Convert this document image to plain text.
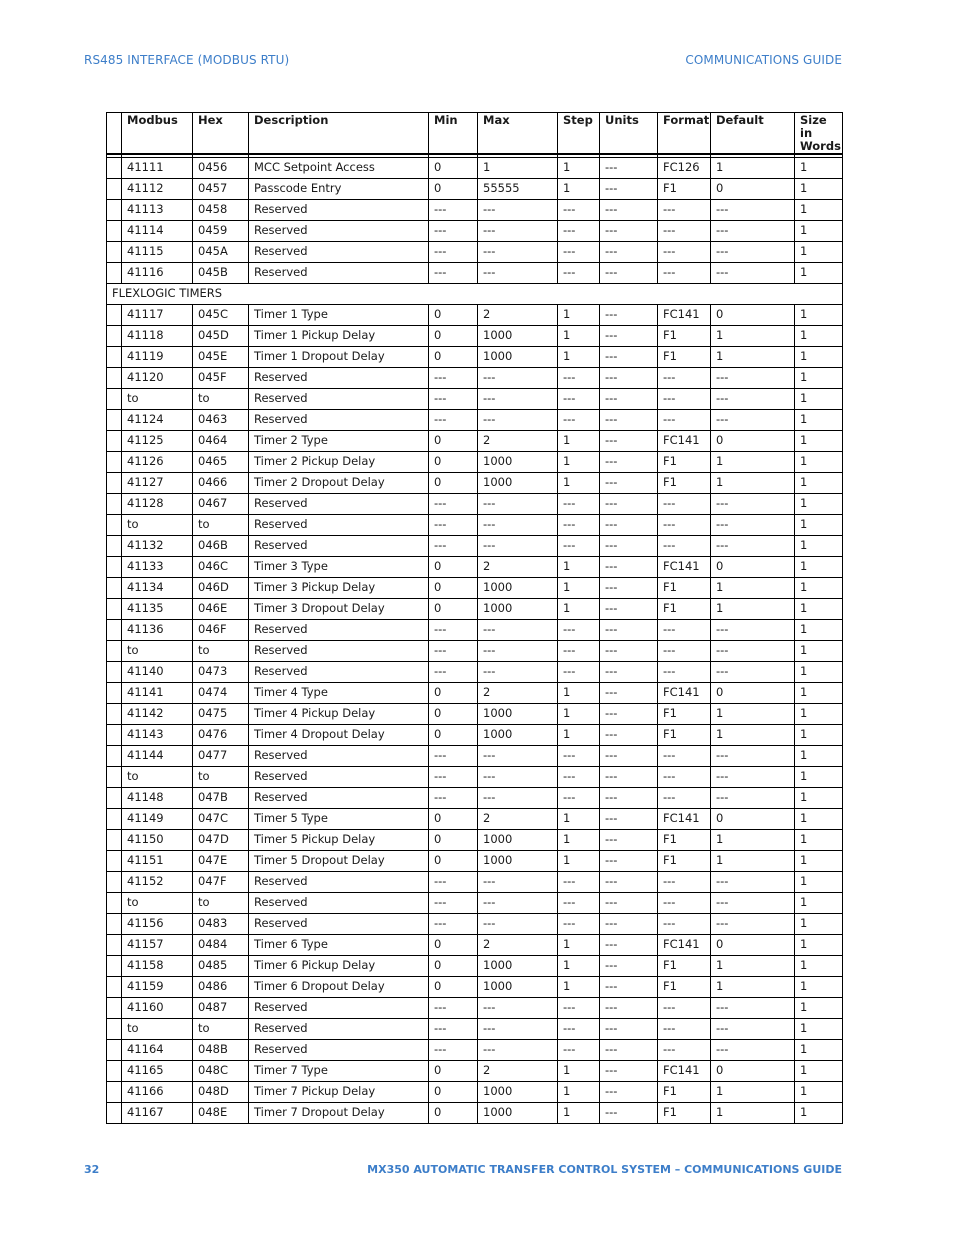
RS485 INTERFACE (MODBUS RTU)	COMMUNICATIONS GUIDE
	Modbus	Hex	Description	Min	Max	Step	Units	Format	Default	Size in Words

	41111	0456	MCC Setpoint Access	0	1	1	---	FC126	1	1
	41112	0457	Passcode Entry	0	55555	1	---	F1	0	1
	41113	0458	Reserved	---	---	---	---	---	---	1
	41114	0459	Reserved	---	---	---	---	---	---	1
	41115	045A	Reserved	---	---	---	---	---	---	1
	41116	045B	Reserved	---	---	---	---	---	---	1
FLEXLOGIC TIMERS										
	41117	045C	Timer 1 Type	0	2	1	---	FC141	0	1
	41118	045D	Timer 1 Pickup Delay	0	1000	1	---	F1	1	1
	41119	045E	Timer 1 Dropout Delay	0	1000	1	---	F1	1	1
	41120	045F	Reserved	---	---	---	---	---	---	1
	to	to	Reserved	---	---	---	---	---	---	1
	41124	0463	Reserved	---	---	---	---	---	---	1
	41125	0464	Timer 2 Type	0	2	1	---	FC141	0	1
	41126	0465	Timer 2 Pickup Delay	0	1000	1	---	F1	1	1
	41127	0466	Timer 2 Dropout Delay	0	1000	1	---	F1	1	1
	41128	0467	Reserved	---	---	---	---	---	---	1
	to	to	Reserved	---	---	---	---	---	---	1
	41132	046B	Reserved	---	---	---	---	---	---	1
	41133	046C	Timer 3 Type	0	2	1	---	FC141	0	1
	41134	046D	Timer 3 Pickup Delay	0	1000	1	---	F1	1	1
	41135	046E	Timer 3 Dropout Delay	0	1000	1	---	F1	1	1
	41136	046F	Reserved	---	---	---	---	---	---	1
	to	to	Reserved	---	---	---	---	---	---	1
	41140	0473	Reserved	---	---	---	---	---	---	1
	41141	0474	Timer 4 Type	0	2	1	---	FC141	0	1
	41142	0475	Timer 4 Pickup Delay	0	1000	1	---	F1	1	1
	41143	0476	Timer 4 Dropout Delay	0	1000	1	---	F1	1	1
	41144	0477	Reserved	---	---	---	---	---	---	1
	to	to	Reserved	---	---	---	---	---	---	1
	41148	047B	Reserved	---	---	---	---	---	---	1
	41149	047C	Timer 5 Type	0	2	1	---	FC141	0	1
	41150	047D	Timer 5 Pickup Delay	0	1000	1	---	F1	1	1
	41151	047E	Timer 5 Dropout Delay	0	1000	1	---	F1	1	1
	41152	047F	Reserved	---	---	---	---	---	---	1
	to	to	Reserved	---	---	---	---	---	---	1
	41156	0483	Reserved	---	---	---	---	---	---	1
	41157	0484	Timer 6 Type	0	2	1	---	FC141	0	1
	41158	0485	Timer 6 Pickup Delay	0	1000	1	---	F1	1	1
	41159	0486	Timer 6 Dropout Delay	0	1000	1	---	F1	1	1
	41160	0487	Reserved	---	---	---	---	---	---	1
	to	to	Reserved	---	---	---	---	---	---	1
	41164	048B	Reserved	---	---	---	---	---	---	1
	41165	048C	Timer 7 Type	0	2	1	---	FC141	0	1
	41166	048D	Timer 7 Pickup Delay	0	1000	1	---	F1	1	1
	41167	048E	Timer 7 Dropout Delay	0	1000	1	---	F1	1	1
32	MX350 AUTOMATIC TRANSFER CONTROL SYSTEM – COMMUNICATIONS GUIDE
